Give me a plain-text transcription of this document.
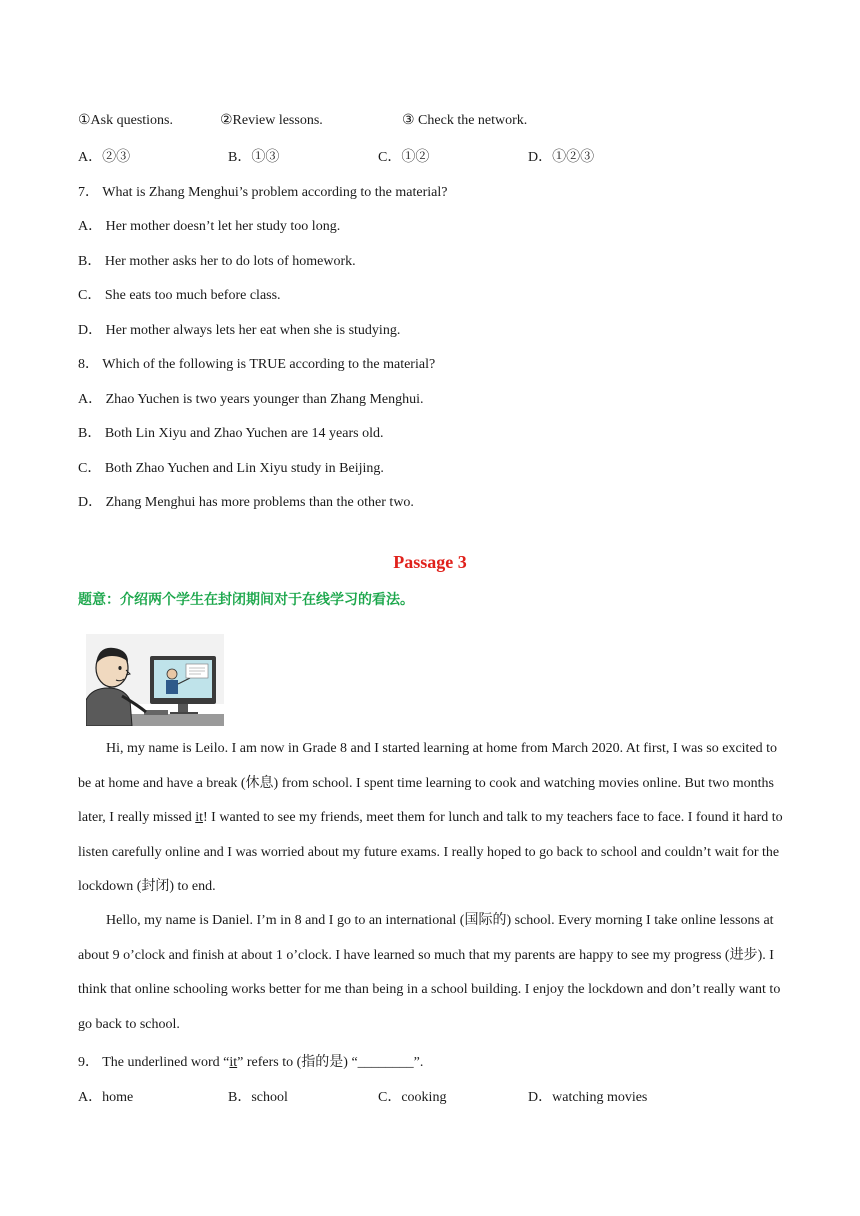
①Ask questions.	②Review lessons.	③ Check the network.
A．②③	B．①③	C．①②	D．①②③
7． What is Zhang Menghui’s problem according to the material?
A． Her mother doesn’t let her study too long.
B． Her mother asks her to do lots of homework.
C． She eats too much before class.
D． Her mother always lets her eat when she is studying.
8． Which of the following is TRUE according to the material?
A． Zhao Yuchen is two years younger than Zhang Menghui.
B． Both Lin Xiyu and Zhao Yuchen are 14 years old.
C． Both Zhao Yuchen and Lin Xiyu study in Beijing.
D． Zhang Menghui has more problems than the other two.
Passage 3
题意：介绍两个学生在封闭期间对于在线学习的看法。
Hi, my name is Leilo. I am now in Grade 8 and I started learning at home from March 2020. At first, I was so excited to be at home and have a break (休息) from school. I spent time learning to cook and watching movies online. But two months later, I really missed it! I wanted to see my friends, meet them for lunch and talk to my teachers face to face. I found it hard to listen carefully online and I was worried about my future exams. I really hoped to go back to school and couldn’t wait for the lockdown (封闭) to end.
Hello, my name is Daniel. I’m in 8 and I go to an international (国际的) school. Every morning I take online lessons at about 9 o’clock and finish at about 1 o’clock. I have learned so much that my parents are happy to see my progress (进步). I think that online schooling works better for me than being in a school building. I enjoy the lockdown and don’t really want to go back to school.
9． The underlined word “it” refers to (指的是) “________”.
A．home	B．school	C．cooking	D．watching movies
